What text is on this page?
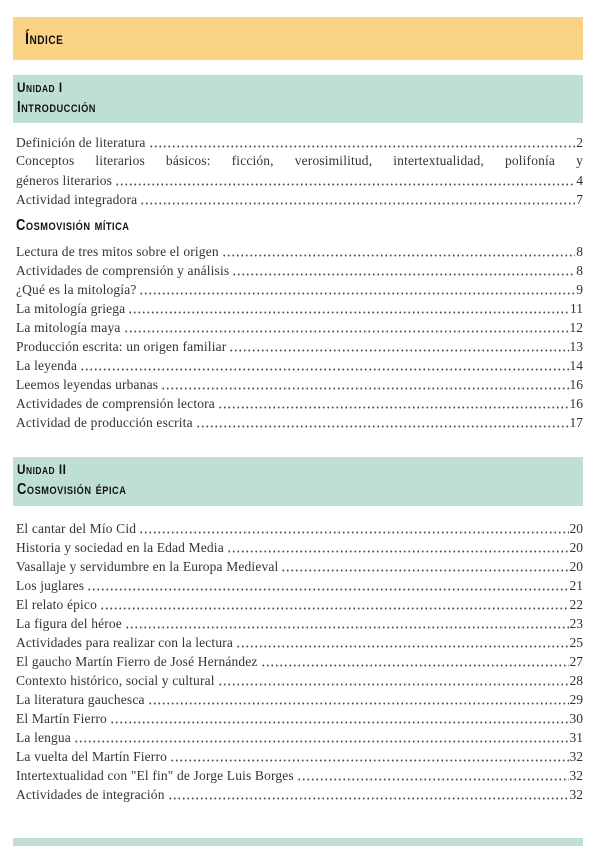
Índice
Unidad I
Introducción
Definición de literatura	2
Conceptos literarios básicos: ficción, verosimilitud, intertextualidad, polifonía y
géneros literarios	4
Actividad integradora	7
Cosmovisión mítica
Lectura de tres mitos sobre el origen	8
Actividades de comprensión y análisis	8
¿Qué es la mitología?	9
La mitología griega	11
La mitología maya	12
Producción escrita: un origen familiar	13
La leyenda	14
Leemos leyendas urbanas	16
Actividades de comprensión lectora	16
Actividad de producción escrita	17
Unidad II
Cosmovisión épica
El cantar del Mío Cid	20
Historia y sociedad en la Edad Media	20
Vasallaje y servidumbre en la Europa Medieval	20
Los juglares	21
El relato épico	22
La figura del héroe	23
Actividades para realizar con la lectura	25
El gaucho Martín Fierro de José Hernández	27
Contexto histórico, social y cultural	28
La literatura gauchesca	29
El Martín Fierro	30
La lengua	31
La vuelta del Martín Fierro	32
Intertextualidad con "El fin" de Jorge Luis Borges	32
Actividades de integración	32
